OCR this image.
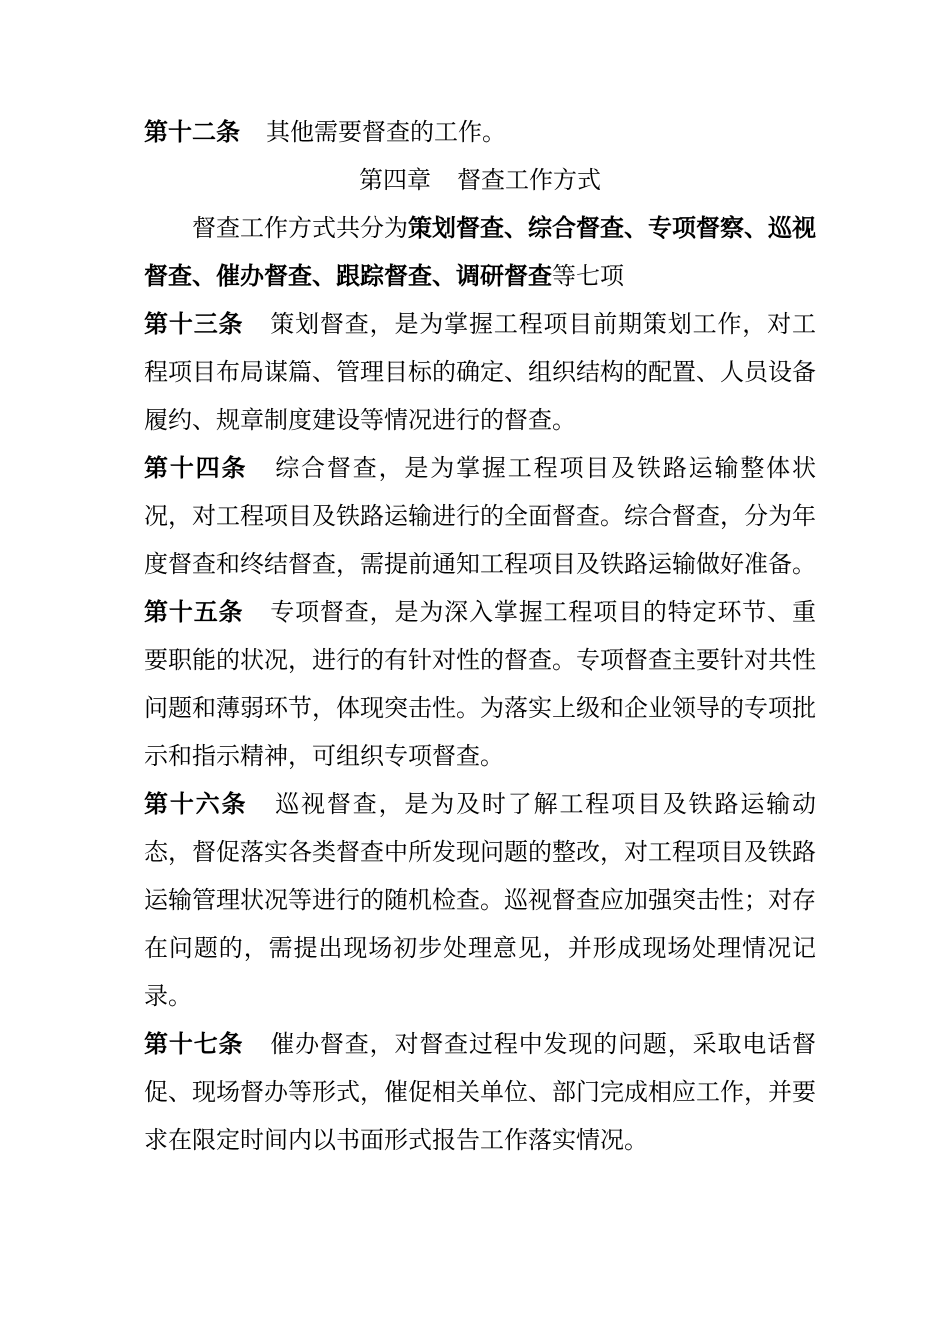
第十二条 其他需要督查的工作。

第四章 督查工作方式

督查工作方式共分为策划督查、综合督查、专项督察、巡视督查、催办督查、跟踪督查、调研督查等七项

第十三条 策划督查，是为掌握工程项目前期策划工作，对工程项目布局谋篇、管理目标的确定、组织结构的配置、人员设备履约、规章制度建设等情况进行的督查。

第十四条 综合督查，是为掌握工程项目及铁路运输整体状况，对工程项目及铁路运输进行的全面督查。综合督查，分为年度督查和终结督查，需提前通知工程项目及铁路运输做好准备。

第十五条 专项督查，是为深入掌握工程项目的特定环节、重要职能的状况，进行的有针对性的督查。专项督查主要针对共性问题和薄弱环节，体现突击性。为落实上级和企业领导的专项批示和指示精神，可组织专项督查。

第十六条 巡视督查，是为及时了解工程项目及铁路运输动态，督促落实各类督查中所发现问题的整改，对工程项目及铁路运输管理状况等进行的随机检查。巡视督查应加强突击性；对存在问题的，需提出现场初步处理意见，并形成现场处理情况记录。

第十七条 催办督查，对督查过程中发现的问题，采取电话督促、现场督办等形式，催促相关单位、部门完成相应工作，并要求在限定时间内以书面形式报告工作落实情况。
